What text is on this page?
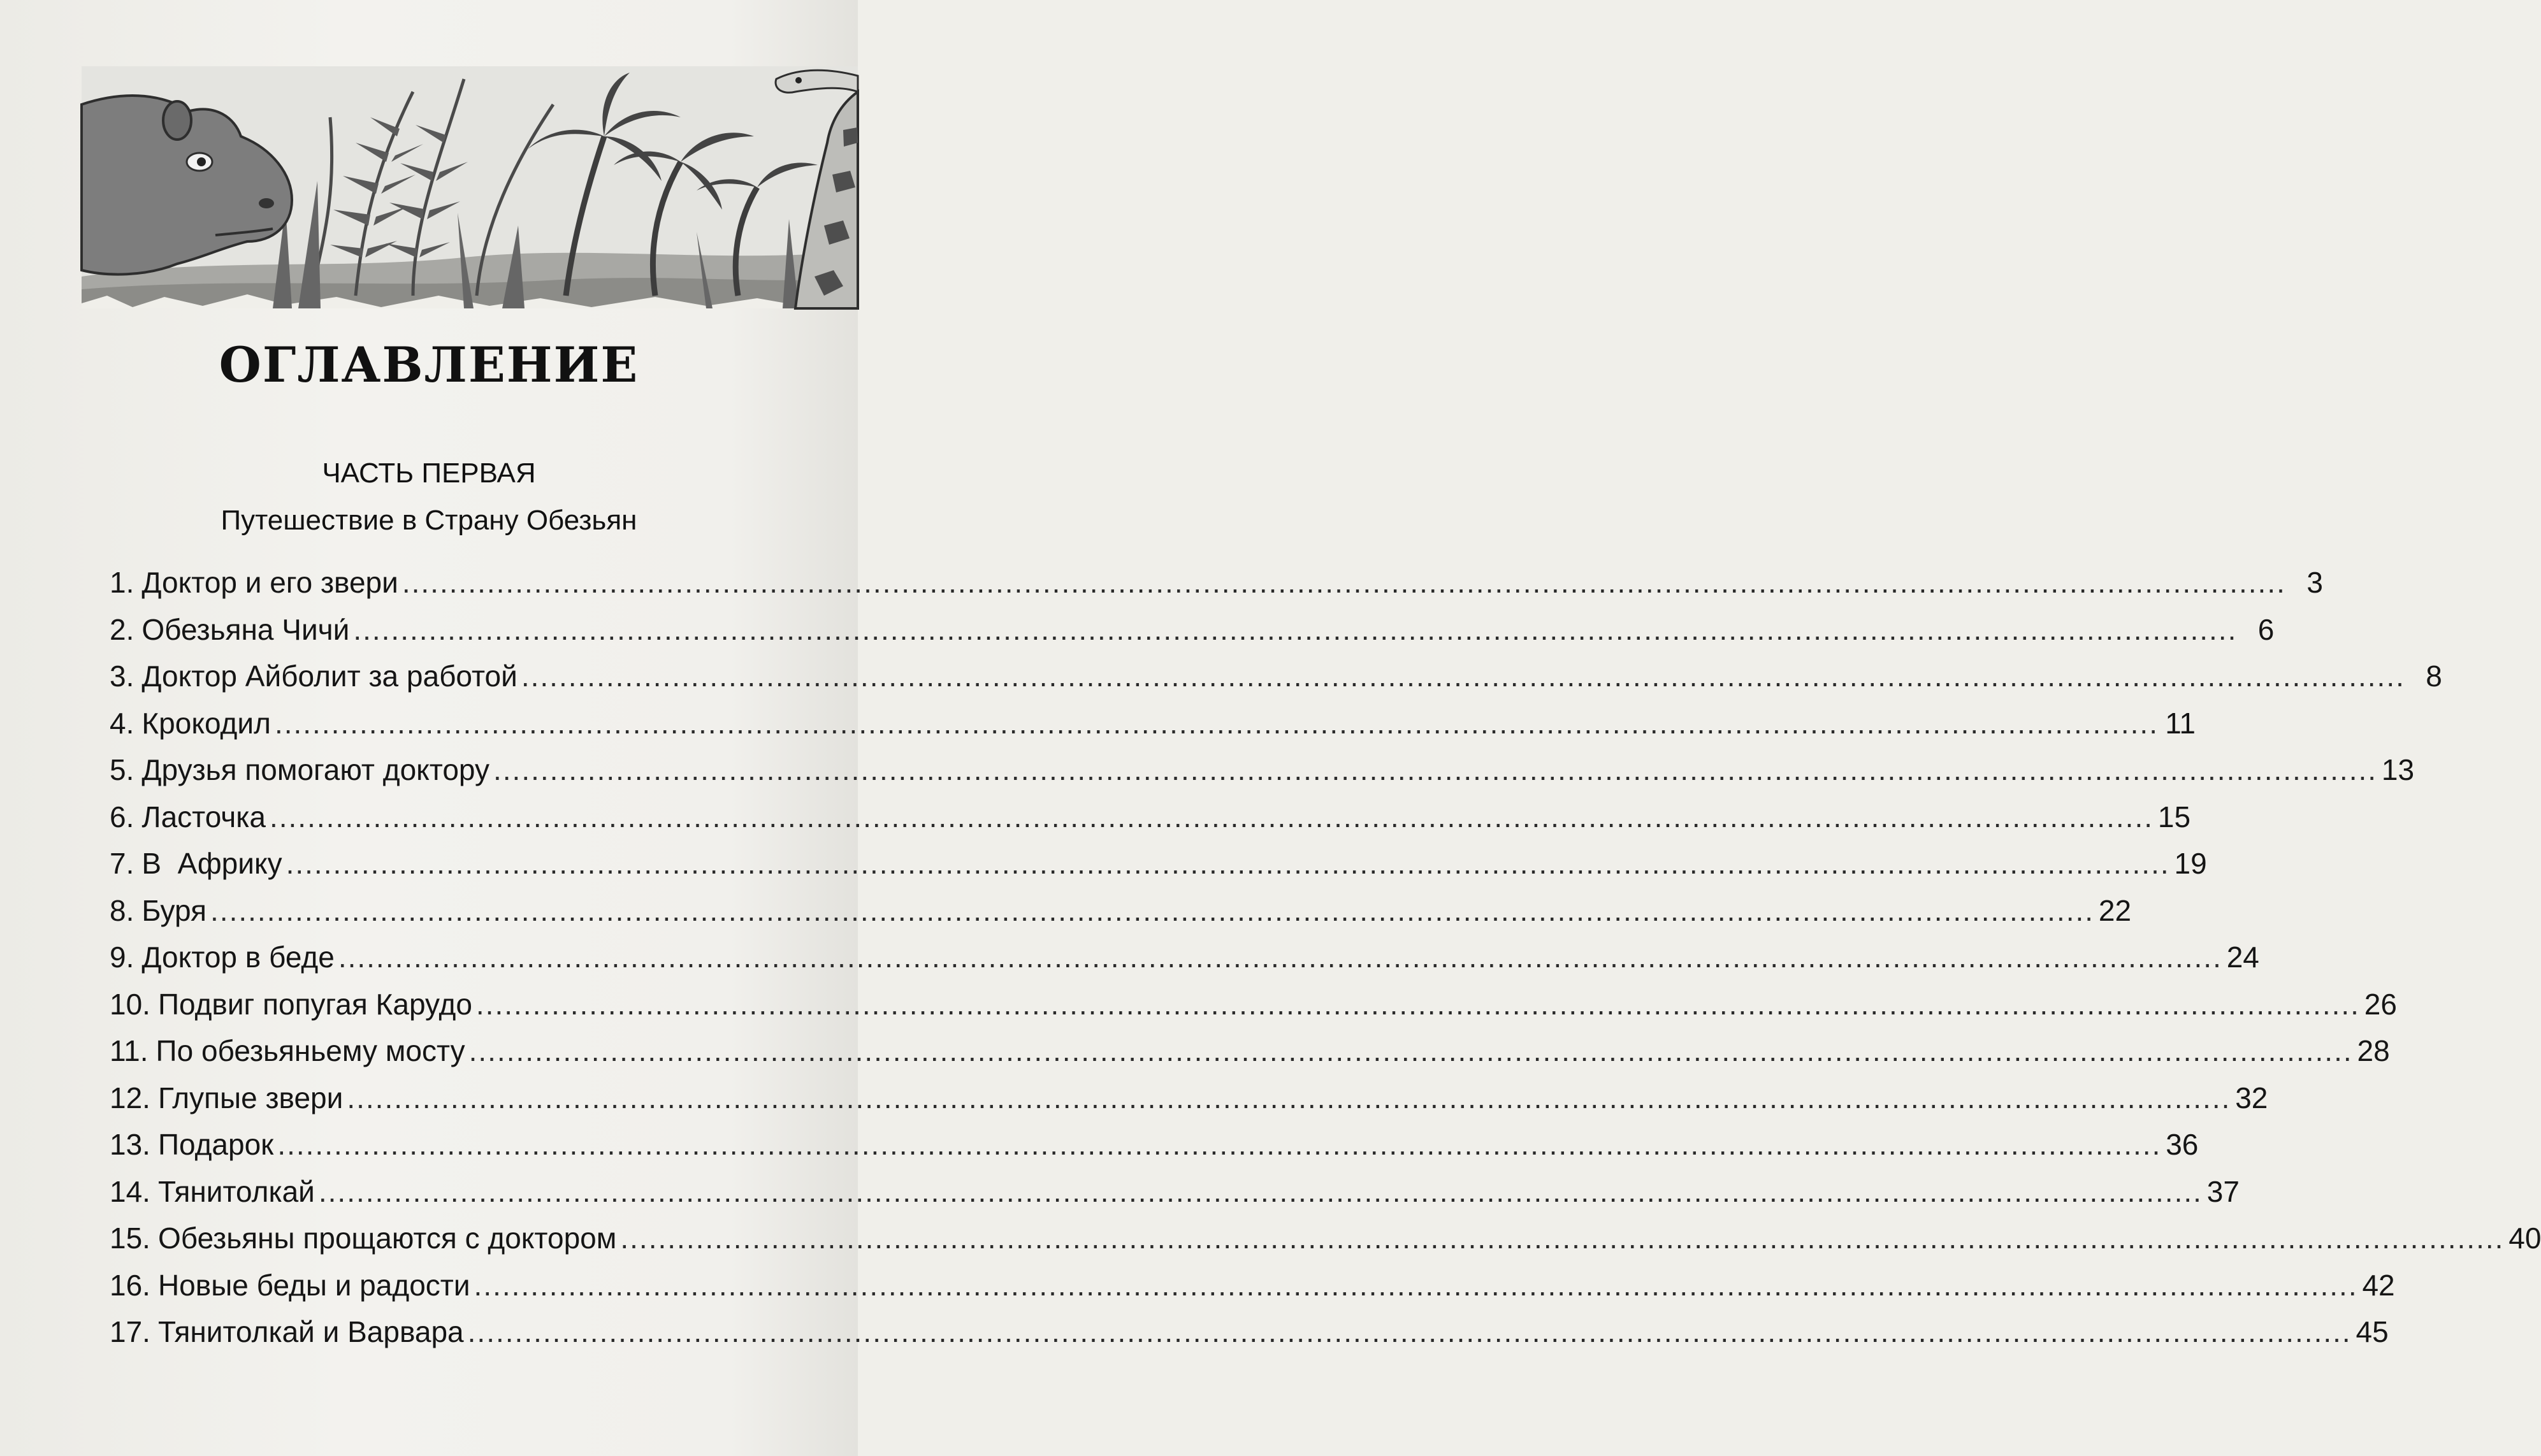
ОГЛАВЛЕНИЕ
ЧАСТЬ ПЕРВАЯ
Путешествие в Страну Обезьян
1. Доктор и его звери ........................................................................................................................................................................................................ 3
2. Обезьяна Чичи́ ........................................................................................................................................................................................................ 6
3. Доктор Айболит за работой ........................................................................................................................................................................................................ 8
4. Крокодил ........................................................................................................................................................................................................ 11
5. Друзья помогают доктору ........................................................................................................................................................................................................ 13
6. Ласточка ........................................................................................................................................................................................................ 15
7. В  Африку ........................................................................................................................................................................................................ 19
8. Буря ........................................................................................................................................................................................................ 22
9. Доктор в беде ........................................................................................................................................................................................................ 24
10. Подвиг попугая Карудо ........................................................................................................................................................................................................ 26
11. По обезьяньему мосту ........................................................................................................................................................................................................ 28
12. Глупые звери ........................................................................................................................................................................................................ 32
13. Подарок ........................................................................................................................................................................................................ 36
14. Тянитолкай ........................................................................................................................................................................................................ 37
15. Обезьяны прощаются с доктором ........................................................................................................................................................................................................ 40
16. Новые беды и радости ........................................................................................................................................................................................................ 42
17. Тянитолкай и Варвара ........................................................................................................................................................................................................ 45
